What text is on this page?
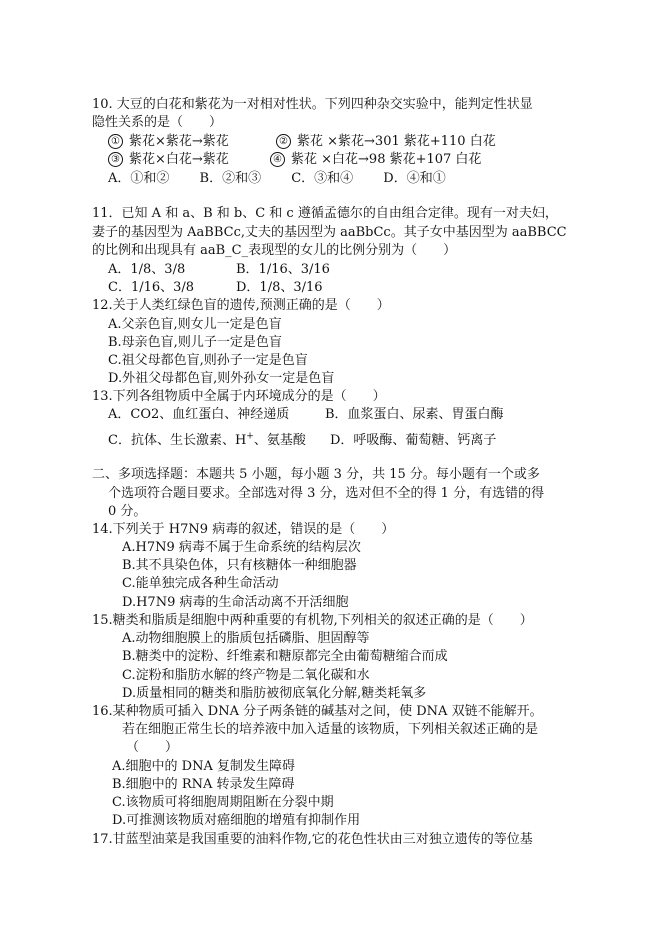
10. 大豆的白花和紫花为一对相对性状。下列四种杂交实验中，能判定性状显
隐性关系的是（　　）
① 紫花×紫花→紫花	② 紫花 ×紫花→301 紫花+110 白花
③ 紫花×白花→紫花	④ 紫花 ×白花→98 紫花+107 白花
A．①和②　　 B．②和③　　 C．③和④　　 D．④和①
11．已知 A 和 a、B 和 b、C 和 c 遵循孟德尔的自由组合定律。现有一对夫妇，
妻子的基因型为 AaBBCc,丈夫的基因型为 aaBbCc。其子女中基因型为 aaBBCC
的比例和出现具有 aaB_C_表现型的女儿的比例分别为（　　）
A．1/8、3/8	B．1/16、3/16
C．1/16、3/8	D．1/8、3/16
12.关于人类红绿色盲的遗传,预测正确的是（　　）
A.父亲色盲,则女儿一定是色盲
B.母亲色盲,则儿子一定是色盲
C.祖父母都色盲,则孙子一定是色盲
D.外祖父母都色盲,则外孙女一定是色盲
13.下列各组物质中全属于内环境成分的是（　　）
A．CO2、血红蛋白、神经递质	B．血浆蛋白、尿素、胃蛋白酶
C．抗体、生长激素、H+、氨基酸 D．呼吸酶、葡萄糖、钙离子
二、多项选择题：本题共 5 小题，每小题 3 分，共 15 分。每小题有一个或多
个选项符合题目要求。全部选对得 3 分，选对但不全的得 1 分，有选错的得
0 分。
14.下列关于 H7N9 病毒的叙述，错误的是（　　）
A.H7N9 病毒不属于生命系统的结构层次
B.其不具染色体，只有核糖体一种细胞器
C.能单独完成各种生命活动
D.H7N9 病毒的生命活动离不开活细胞
15.糖类和脂质是细胞中两种重要的有机物,下列相关的叙述正确的是（　　）
A.动物细胞膜上的脂质包括磷脂、胆固醇等
B.糖类中的淀粉、纤维素和糖原都完全由葡萄糖缩合而成
C.淀粉和脂肪水解的终产物是二氧化碳和水
D.质量相同的糖类和脂肪被彻底氧化分解,糖类耗氧多
16.某种物质可插入 DNA 分子两条链的碱基对之间，使 DNA 双链不能解开。
若在细胞正常生长的培养液中加入适量的该物质，下列相关叙述正确的是
（　　）
A.细胞中的 DNA 复制发生障碍
B.细胞中的 RNA 转录发生障碍
C.该物质可将细胞周期阻断在分裂中期
D.可推测该物质对癌细胞的增殖有抑制作用
17.甘蓝型油菜是我国重要的油料作物,它的花色性状由三对独立遗传的等位基
